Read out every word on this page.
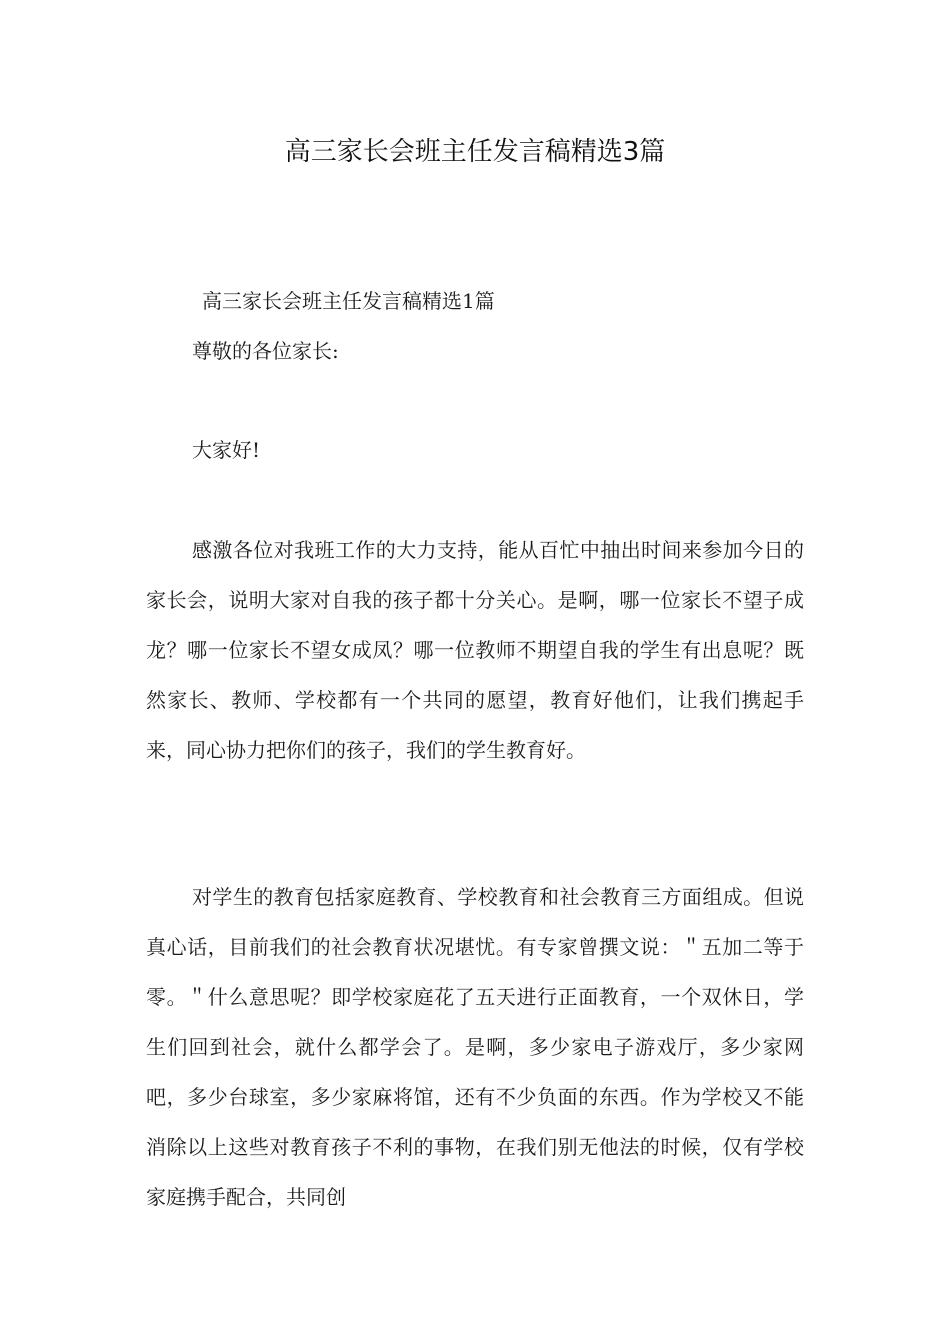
高三家长会班主任发言稿精选3篇
高三家长会班主任发言稿精选1篇
尊敬的各位家长:
大家好!
感激各位对我班工作的大力支持，能从百忙中抽出时间来参加今日的家长会，说明大家对自我的孩子都十分关心。是啊，哪一位家长不望子成龙？哪一位家长不望女成凤？哪一位教师不期望自我的学生有出息呢？既然家长、教师、学校都有一个共同的愿望，教育好他们，让我们携起手来，同心协力把你们的孩子，我们的学生教育好。
对学生的教育包括家庭教育、学校教育和社会教育三方面组成。但说真心话，目前我们的社会教育状况堪忧。有专家曾撰文说：＂五加二等于零。＂什么意思呢？即学校家庭花了五天进行正面教育，一个双休日，学生们回到社会，就什么都学会了。是啊，多少家电子游戏厅，多少家网吧，多少台球室，多少家麻将馆，还有不少负面的东西。作为学校又不能消除以上这些对教育孩子不利的事物，在我们别无他法的时候，仅有学校家庭携手配合，共同创
